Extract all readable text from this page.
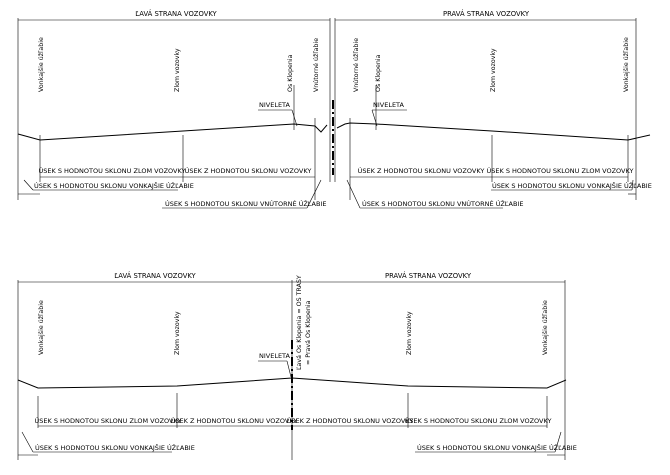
ĽAVÁ STRANA VOZOVKY	PRAVÁ STRANA VOZOVKY
Vonkajšie úžľabie	Zlom vozovky	Os Klopenia	Vnútorné úžľabie	Vnútorné úžľabie Os Klopenia	Zlom vozovky	Vonkajšie úžľabie
NIVELETA	NIVELETA
ÚSEK S HODNOTOU SKLONU ZLOM VOZOVKY ÚSEK Z HODNOTOU SKLONU VOZOVKY	ÚSEK Z HODNOTOU SKLONU VOZOVKY ÚSEK S HODNOTOU SKLONU ZLOM VOZOVKY
ÚSEK S HODNOTOU SKLONU VONKAJŠIE ÚŽĽABIE	ÚSEK S HODNOTOU SKLONU VONKAJŠIE ÚŽĽABIE
ÚSEK S HODNOTOU SKLONU VNÚTORNÉ ÚŽĽABIE	ÚSEK S HODNOTOU SKLONU VNÚTORNÉ ÚŽĽABIE
ĽAVÁ STRANA VOZOVKY	PRAVÁ STRANA VOZOVKY
Vonkajšie úžľabie	Zlom vozovky	Ľavá Os Klopenia = OS TRASY = Pravá Os Klopenia	Zlom vozovky	Vonkajšie úžľabie
NIVELETA
ÚSEK S HODNOTOU SKLONU ZLOM VOZOVKY
ÚSEK Z HODNOTOU SKLONU VOZOVKY
ÚSEK Z HODNOTOU SKLONU VOZOVKY
ÚSEK S HODNOTOU SKLONU ZLOM VOZOVKY
ÚSEK S HODNOTOU SKLONU VONKAJŠIE ÚŽĽABIE	ÚSEK S HODNOTOU SKLONU VONKAJŠIE ÚŽĽABIE
